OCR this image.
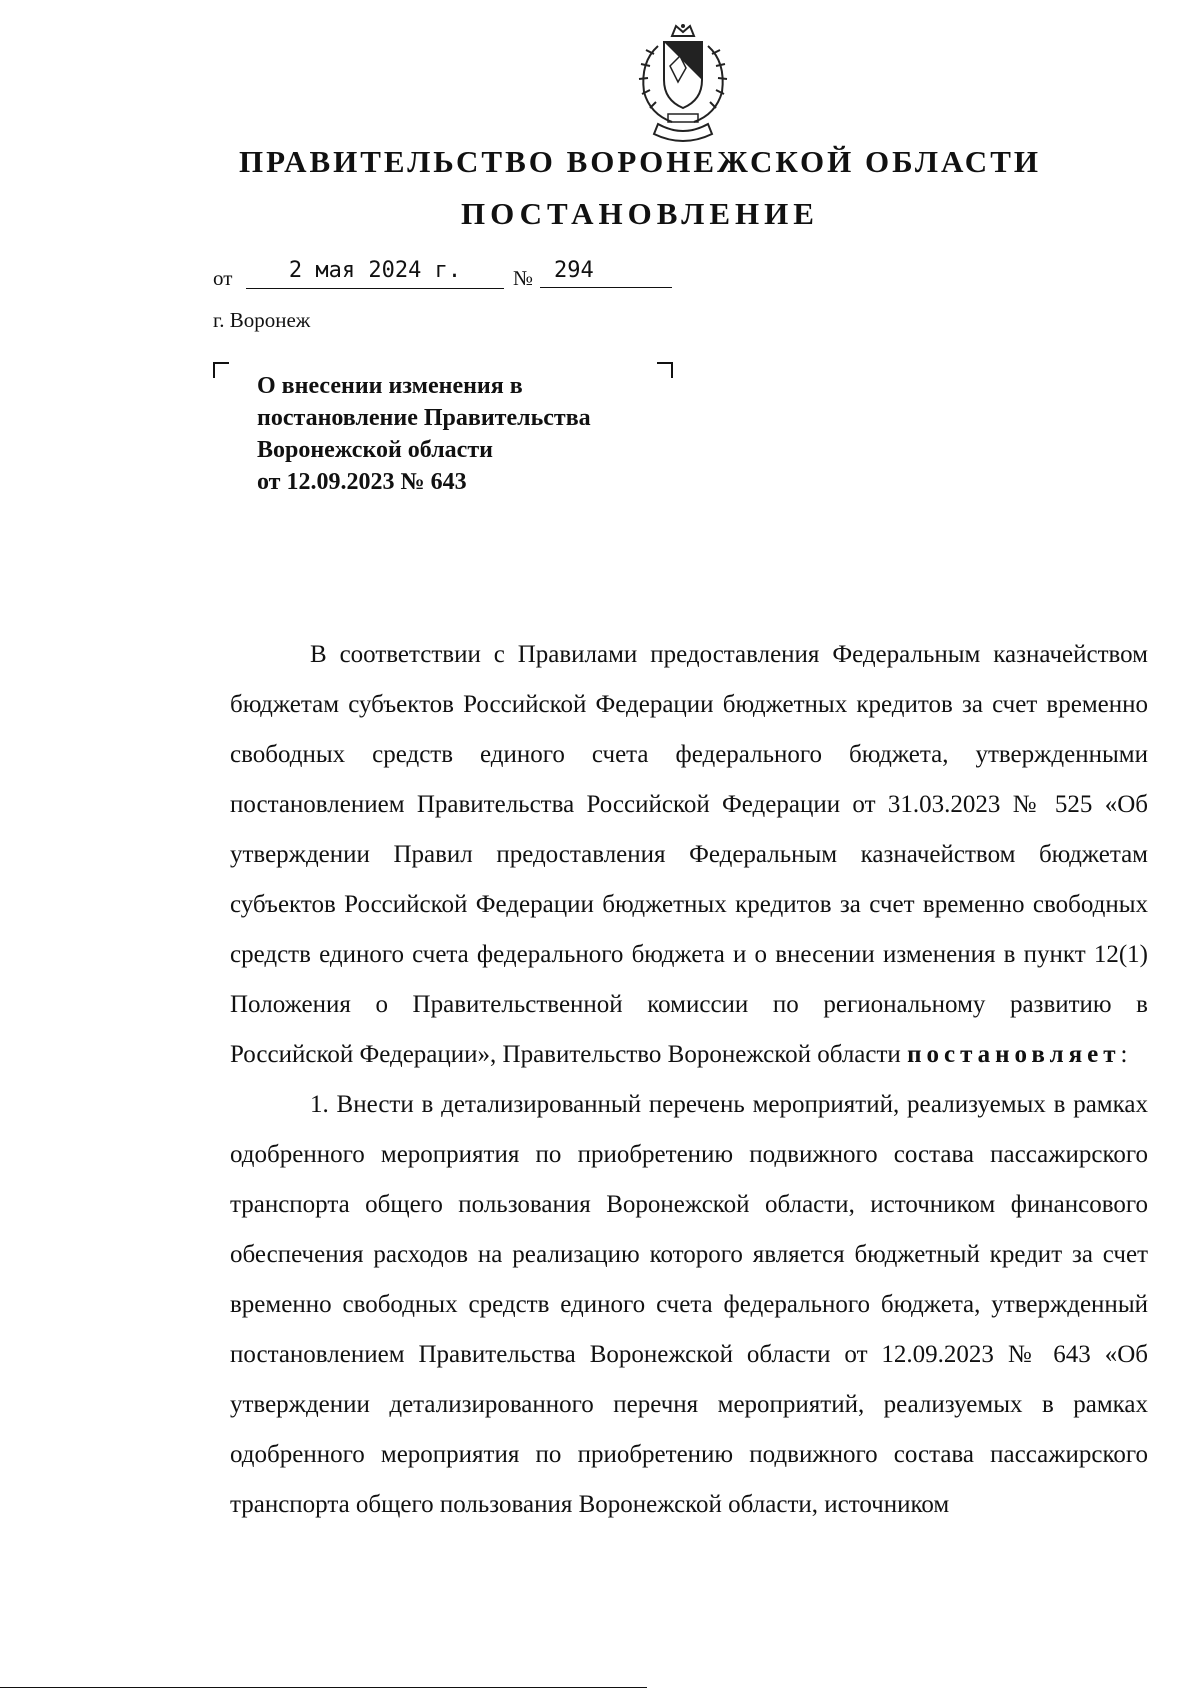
ПРАВИТЕЛЬСТВО ВОРОНЕЖСКОЙ ОБЛАСТИ
ПОСТАНОВЛЕНИЕ
от	2 мая 2024 г.	№ 294
г. Воронеж
О внесении изменения в
постановление Правительства
Воронежской области
от 12.09.2023 № 643

В соответствии с Правилами предоставления Федеральным казначейством бюджетам субъектов Российской Федерации бюджетных кредитов за счет временно свободных средств единого счета федерального бюджета, утвержденными постановлением Правительства Российской Федерации от 31.03.2023 № 525 «Об утверждении Правил предоставления Федеральным казначейством бюджетам субъектов Российской Федерации бюджетных кредитов за счет временно свободных средств единого счета федерального бюджета и о внесении изменения в пункт 12(1) Положения о Правительственной комиссии по региональному развитию в Российской Федерации», Правительство Воронежской области постановляет:

1. Внести в детализированный перечень мероприятий, реализуемых в рамках одобренного мероприятия по приобретению подвижного состава пассажирского транспорта общего пользования Воронежской области, источником финансового обеспечения расходов на реализацию которого является бюджетный кредит за счет временно свободных средств единого счета федерального бюджета, утвержденный постановлением Правительства Воронежской области от 12.09.2023 № 643 «Об утверждении детализированного перечня мероприятий, реализуемых в рамках одобренного мероприятия по приобретению подвижного состава пассажирского транспорта общего пользования Воронежской области, источником
